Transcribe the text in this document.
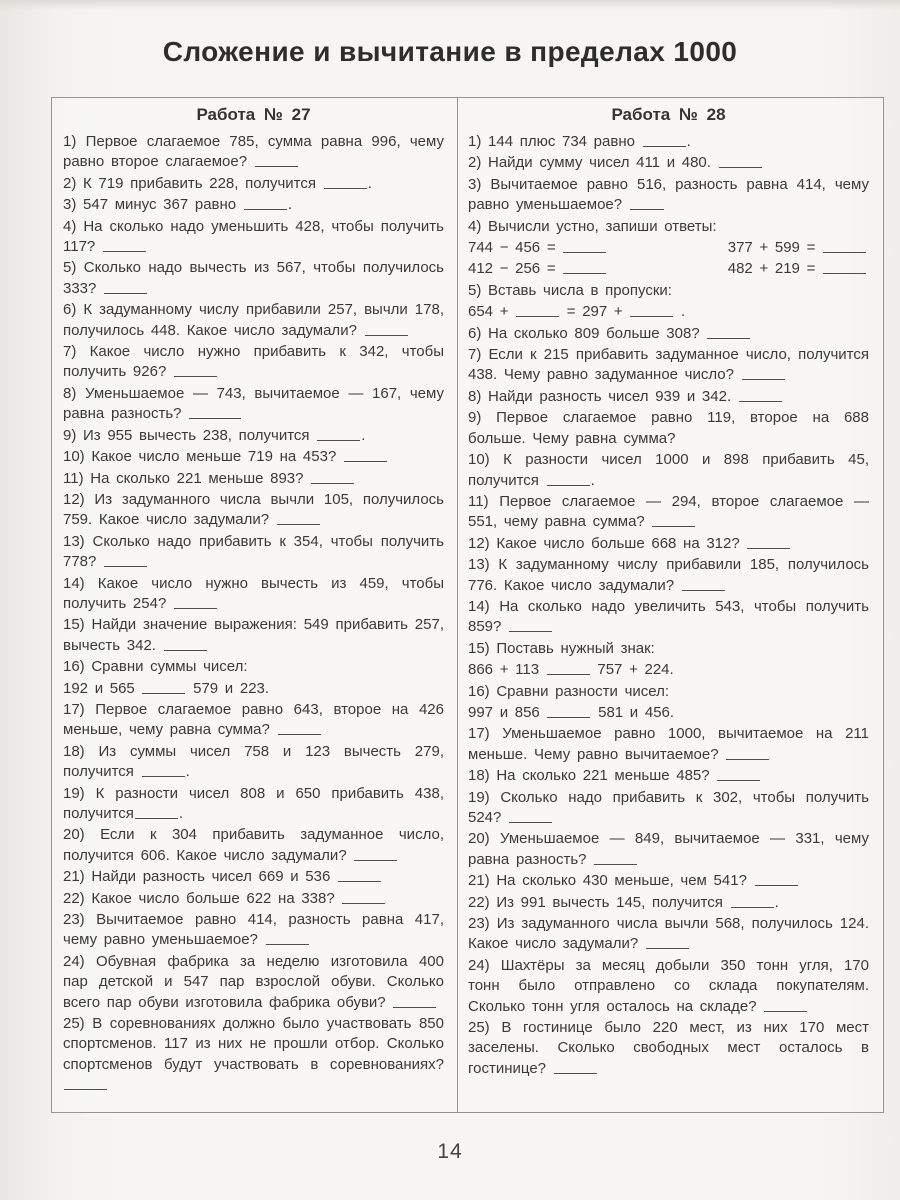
Сложение и вычитание в пределах 1000
Работа № 27
1) Первое слагаемое 785, сумма равна 996, чему равно второе слагаемое?
2) К 719 прибавить 228, получится	.
3) 547 минус 367 равно	.
4) На сколько надо уменьшить 428, чтобы получить 117?
5) Сколько надо вычесть из 567, чтобы получилось 333?
6) К задуманному числу прибавили 257, вычли 178, получилось 448. Какое число задумали?
7) Какое число нужно прибавить к 342, чтобы получить 926?
8) Уменьшаемое — 743, вычитаемое — 167, чему равна разность?
9) Из 955 вычесть 238, получится	.
10) Какое число меньше 719 на 453?
11) На сколько 221 меньше 893?
12) Из задуманного числа вычли 105, получилось 759. Какое число задумали?
13) Сколько надо прибавить к 354, чтобы получить 778?
14) Какое число нужно вычесть из 459, чтобы получить 254?
15) Найди значение выражения: 549 прибавить 257, вычесть 342.
16) Сравни суммы чисел:
192 и 565	579 и 223.
17) Первое слагаемое равно 643, второе на 426 меньше, чему равна сумма?
18) Из суммы чисел 758 и 123 вычесть 279, получится	.
19) К разности чисел 808 и 650 прибавить 438, получится	.
20) Если к 304 прибавить задуманное число, получится 606. Какое число задумали?
21) Найди разность чисел 669 и 536
22) Какое число больше 622 на 338?
23) Вычитаемое равно 414, разность равна 417, чему равно уменьшаемое?
24) Обувная фабрика за неделю изготовила 400 пар детской и 547 пар взрослой обуви. Сколько всего пар обуви изготовила фабрика обуви?
25) В соревнованиях должно было участвовать 850 спортсменов. 117 из них не прошли отбор. Сколько спортсменов будут участвовать в соревнованиях?
Работа № 28
1) 144 плюс 734 равно	.
2) Найди сумму чисел 411 и 480.
3) Вычитаемое равно 516, разность равна 414, чему равно уменьшаемое?
4) Вычисли устно, запиши ответы:
744 − 456 =	377 + 599 =
412 − 256 =	482 + 219 =
5) Вставь числа в пропуски:
654 +	= 297 +	.
6) На сколько 809 больше 308?
7) Если к 215 прибавить задуманное число, получится 438. Чему равно задуманное число?
8) Найди разность чисел 939 и 342.
9) Первое слагаемое равно 119, второе на 688 больше. Чему равна сумма?
10) К разности чисел 1000 и 898 прибавить 45, получится	.
11) Первое слагаемое — 294, второе слагаемое — 551, чему равна сумма?
12) Какое число больше 668 на 312?
13) К задуманному числу прибавили 185, получилось 776. Какое число задумали?
14) На сколько надо увеличить 543, чтобы получить 859?
15) Поставь нужный знак:
866 + 113	757 + 224.
16) Сравни разности чисел:
997 и 856	581 и 456.
17) Уменьшаемое равно 1000, вычитаемое на 211 меньше. Чему равно вычитаемое?
18) На сколько 221 меньше 485?
19) Сколько надо прибавить к 302, чтобы получить 524?
20) Уменьшаемое — 849, вычитаемое — 331, чему равна разность?
21) На сколько 430 меньше, чем 541?
22) Из 991 вычесть 145, получится	.
23) Из задуманного числа вычли 568, получилось 124. Какое число задумали?
24) Шахтёры за месяц добыли 350 тонн угля, 170 тонн было отправлено со склада покупателям. Сколько тонн угля осталось на складе?
25) В гостинице было 220 мест, из них 170 мест заселены. Сколько свободных мест осталось в гостинице?
14
